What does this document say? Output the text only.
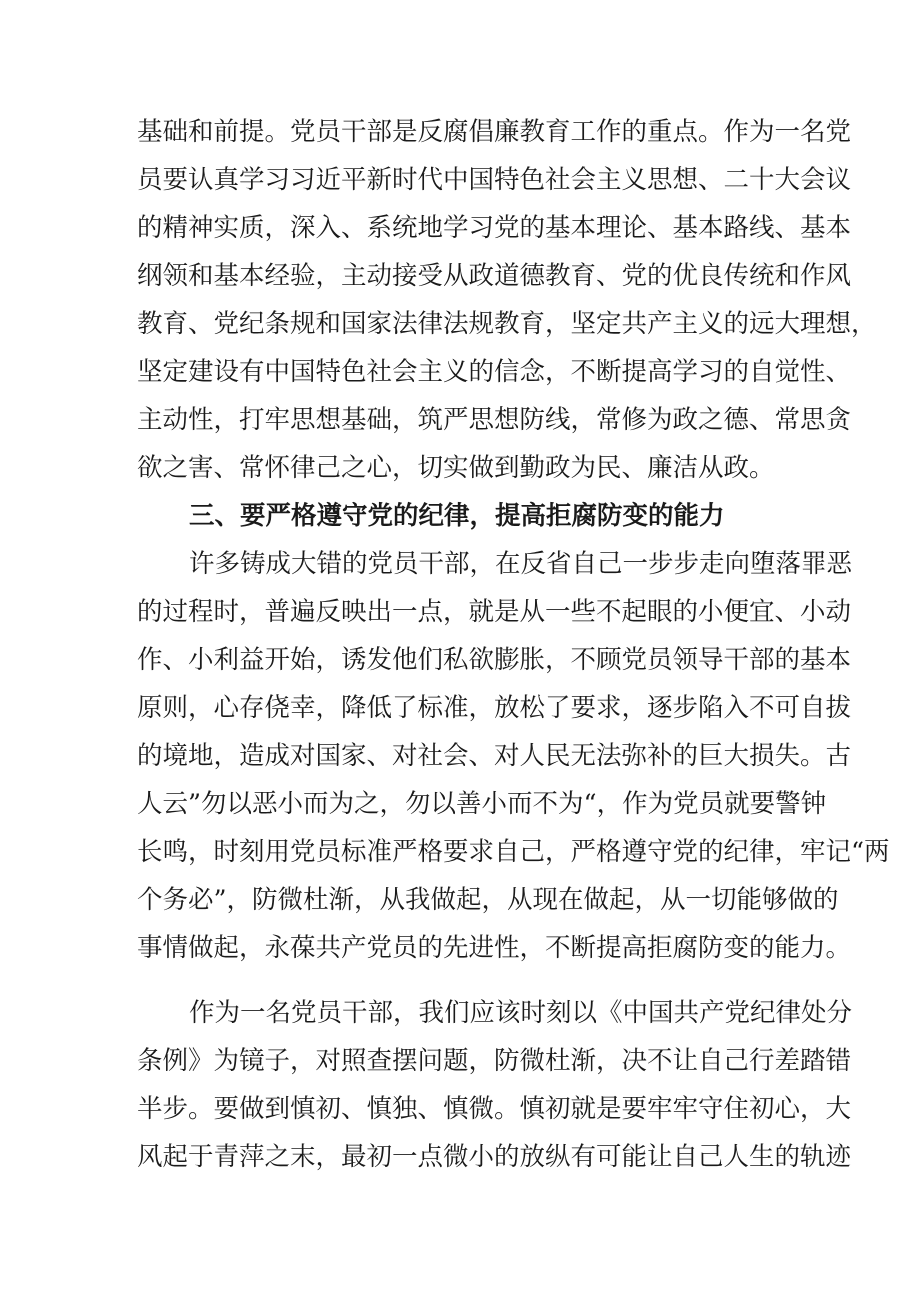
基础和前提。党员干部是反腐倡廉教育工作的重点。作为一名党
员要认真学习习近平新时代中国特色社会主义思想、二十大会议
的精神实质，深入、系统地学习党的基本理论、基本路线、基本
纲领和基本经验，主动接受从政道德教育、党的优良传统和作风
教育、党纪条规和国家法律法规教育，坚定共产主义的远大理想，
坚定建设有中国特色社会主义的信念，不断提高学习的自觉性、
主动性，打牢思想基础，筑严思想防线，常修为政之德、常思贪
欲之害、常怀律己之心，切实做到勤政为民、廉洁从政。
三、要严格遵守党的纪律，提高拒腐防变的能力
许多铸成大错的党员干部，在反省自己一步步走向堕落罪恶
的过程时，普遍反映出一点，就是从一些不起眼的小便宜、小动
作、小利益开始，诱发他们私欲膨胀，不顾党员领导干部的基本
原则，心存侥幸，降低了标准，放松了要求，逐步陷入不可自拔
的境地，造成对国家、对社会、对人民无法弥补的巨大损失。古
人云”勿以恶小而为之，勿以善小而不为“，作为党员就要警钟
长鸣，时刻用党员标准严格要求自己，严格遵守党的纪律，牢记“两
个务必”，防微杜渐，从我做起，从现在做起，从一切能够做的
事情做起，永葆共产党员的先进性，不断提高拒腐防变的能力。
作为一名党员干部，我们应该时刻以《中国共产党纪律处分
条例》为镜子，对照查摆问题，防微杜渐，决不让自己行差踏错
半步。要做到慎初、慎独、慎微。慎初就是要牢牢守住初心，大
风起于青萍之末，最初一点微小的放纵有可能让自己人生的轨迹
